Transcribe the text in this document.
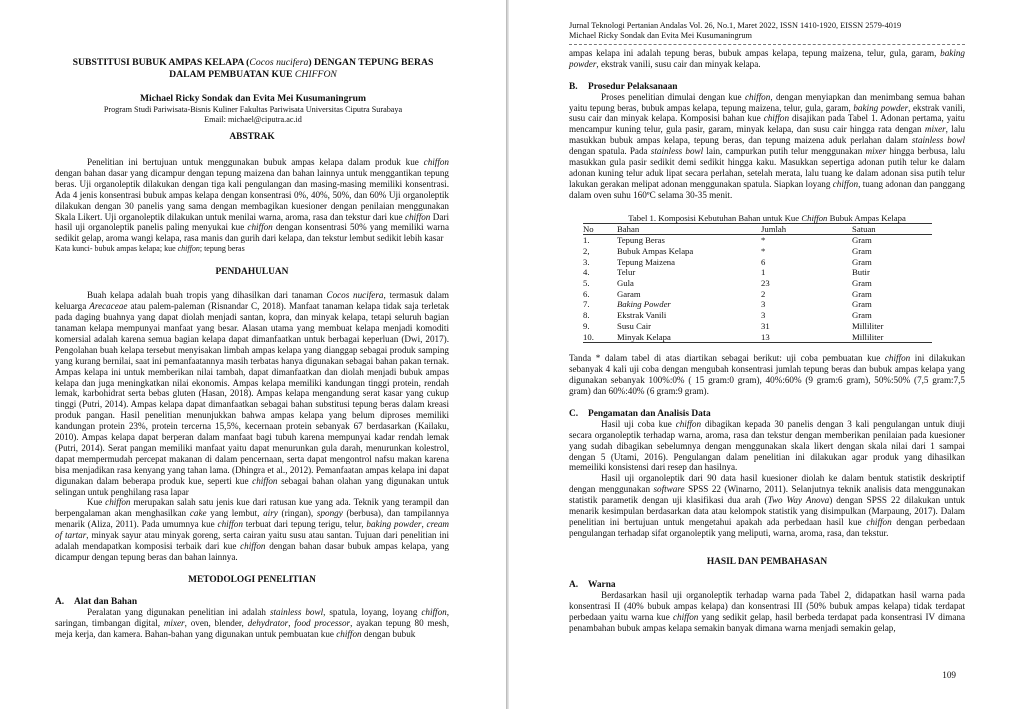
SUBSTITUSI BUBUK AMPAS KELAPA (Cocos nucifera) DENGAN TEPUNG BERAS
DALAM PEMBUATAN KUE CHIFFON
Michael Ricky Sondak dan Evita Mei Kusumaningrum
Program Studi Pariwisata-Bisnis Kuliner Fakultas Pariwisata Universitas Ciputra Surabaya
Email: michael@ciputra.ac.id
ABSTRAK

Penelitian ini bertujuan untuk menggunakan bubuk ampas kelapa dalam produk kue chiffon dengan bahan dasar yang dicampur dengan tepung maizena dan bahan lainnya untuk menggantikan tepung beras. Uji organoleptik dilakukan dengan tiga kali pengulangan dan masing-masing memiliki konsentrasi. Ada 4 jenis konsentrasi bubuk ampas kelapa dengan konsentrasi 0%, 40%, 50%, dan 60% Uji organoleptik dilakukan dengan 30 panelis yang sama dengan membagikan kuesioner dengan penilaian menggunakan Skala Likert. Uji organoleptik dilakukan untuk menilai warna, aroma, rasa dan tekstur dari kue chiffon Dari hasil uji organoleptik panelis paling menyukai kue chiffon dengan konsentrasi 50% yang memiliki warna sedikit gelap, aroma wangi kelapa, rasa manis dan gurih dari kelapa, dan tekstur lembut sedikit lebih kasar

Kata kunci- bubuk ampas kelapa; kue chiffon; tepung beras
PENDAHULUAN

Buah kelapa adalah buah tropis yang dihasilkan dari tanaman Cocos nucifera, termasuk dalam keluarga Arecaceae atau palem-paleman (Risnandar C, 2018). Manfaat tanaman kelapa tidak saja terletak pada daging buahnya yang dapat diolah menjadi santan, kopra, dan minyak kelapa, tetapi seluruh bagian tanaman kelapa mempunyai manfaat yang besar. Alasan utama yang membuat kelapa menjadi komoditi komersial adalah karena semua bagian kelapa dapat dimanfaatkan untuk berbagai keperluan (Dwi, 2017). Pengolahan buah kelapa tersebut menyisakan limbah ampas kelapa yang dianggap sebagai produk samping yang kurang bernilai, saat ini pemanfaatannya masih terbatas hanya digunakan sebagai bahan pakan ternak. Ampas kelapa ini untuk memberikan nilai tambah, dapat dimanfaatkan dan diolah menjadi bubuk ampas kelapa dan juga meningkatkan nilai ekonomis. Ampas kelapa memiliki kandungan tinggi protein, rendah lemak, karbohidrat serta bebas gluten (Hasan, 2018). Ampas kelapa mengandung serat kasar yang cukup tinggi (Putri, 2014). Ampas kelapa dapat dimanfaatkan sebagai bahan substitusi tepung beras dalam kreasi produk pangan. Hasil penelitian menunjukkan bahwa ampas kelapa yang belum diproses memiliki kandungan protein 23%, protein tercerna 15,5%, kecernaan protein sebanyak 67 berdasarkan (Kailaku, 2010). Ampas kelapa dapat berperan dalam manfaat bagi tubuh karena mempunyai kadar rendah lemak (Putri, 2014). Serat pangan memiliki manfaat yaitu dapat menurunkan gula darah, menurunkan kolestrol, dapat mempermudah percepat makanan di dalam pencernaan, serta dapat mengontrol nafsu makan karena bisa menjadikan rasa kenyang yang tahan lama. (Dhingra et al., 2012). Pemanfaatan ampas kelapa ini dapat digunakan dalam beberapa produk kue, seperti kue chiffon sebagai bahan olahan yang digunakan untuk selingan untuk penghilang rasa lapar

Kue chiffon merupakan salah satu jenis kue dari ratusan kue yang ada. Teknik yang terampil dan berpengalaman akan menghasilkan cake yang lembut, airy (ringan), spongy (berbusa), dan tampilannya menarik (Aliza, 2011). Pada umumnya kue chiffon terbuat dari tepung terigu, telur, baking powder, cream of tartar, minyak sayur atau minyak goreng, serta cairan yaitu susu atau santan. Tujuan dari penelitian ini adalah mendapatkan komposisi terbaik dari kue chiffon dengan bahan dasar bubuk ampas kelapa, yang dicampur dengan tepung beras dan bahan lainnya.

METODOLOGI PENELITIAN
A. Alat dan Bahan

Peralatan yang digunakan penelitian ini adalah stainless bowl, spatula, loyang, loyang chiffon, saringan, timbangan digital, mixer, oven, blender, dehydrator, food processor, ayakan tepung 80 mesh, meja kerja, dan kamera. Bahan-bahan yang digunakan untuk pembuatan kue chiffon dengan bubuk

Jurnal Teknologi Pertanian Andalas Vol. 26, No.1, Maret 2022, ISSN 1410-1920, EISSN 2579-4019
Michael Ricky Sondak dan Evita Mei Kusumaningrum

ampas kelapa ini adalah tepung beras, bubuk ampas kelapa, tepung maizena, telur, gula, garam, baking powder, ekstrak vanili, susu cair dan minyak kelapa.

B. Prosedur Pelaksanaan

Proses penelitian dimulai dengan kue chiffon, dengan menyiapkan dan menimbang semua bahan yaitu tepung beras, bubuk ampas kelapa, tepung maizena, telur, gula, garam, baking powder, ekstrak vanili, susu cair dan minyak kelapa. Komposisi bahan kue chiffon disajikan pada Tabel 1. Adonan pertama, yaitu mencampur kuning telur, gula pasir, garam, minyak kelapa, dan susu cair hingga rata dengan mixer, lalu masukkan bubuk ampas kelapa, tepung beras, dan tepung maizena aduk perlahan dalam stainless bowl dengan spatula. Pada stainless bowl lain, campurkan putih telur menggunakan mixer hingga berbusa, lalu masukkan gula pasir sedikit demi sedikit hingga kaku. Masukkan sepertiga adonan putih telur ke dalam adonan kuning telur aduk lipat secara perlahan, setelah merata, lalu tuang ke dalam adonan sisa putih telur lakukan gerakan melipat adonan menggunakan spatula. Siapkan loyang chiffon, tuang adonan dan panggang dalam oven suhu 160ºC selama 30-35 menit.

Tabel 1. Komposisi Kebutuhan Bahan untuk Kue Chiffon Bubuk Ampas Kelapa
No	Bahan	Jumlah	Satuan
1.	Tepung Beras	*	Gram
2,	Bubuk Ampas Kelapa	*	Gram
3.	Tepung Maizena	6	Gram
4.	Telur	1	Butir
5.	Gula	23	Gram
6.	Garam	2	Gram
7.	Baking Powder	3	Gram
8.	Ekstrak Vanili	3	Gram
9.	Susu Cair	31	Milliliter
10.	Minyak Kelapa	13	Milliliter

Tanda * dalam tabel di atas diartikan sebagai berikut: uji coba pembuatan kue chiffon ini dilakukan sebanyak 4 kali uji coba dengan mengubah konsentrasi jumlah tepung beras dan bubuk ampas kelapa yang digunakan sebanyak 100%:0% ( 15 gram:0 gram), 40%:60% (9 gram:6 gram), 50%:50% (7,5 gram:7,5 gram) dan 60%:40% (6 gram:9 gram).

C. Pengamatan dan Analisis Data

Hasil uji coba kue chiffon dibagikan kepada 30 panelis dengan 3 kali pengulangan untuk diuji secara organoleptik terhadap warna, aroma, rasa dan tekstur dengan memberikan penilaian pada kuesioner yang sudah dibagikan sebelumnya dengan menggunakan skala likert dengan skala nilai dari 1 sampai dengan 5 (Utami, 2016). Pengulangan dalam penelitian ini dilakukan agar produk yang dihasilkan memeiliki konsistensi dari resep dan hasilnya.

Hasil uji organoleptik dari 90 data hasil kuesioner diolah ke dalam bentuk statistik deskriptif dengan menggunakan software SPSS 22 (Winarno, 2011). Selanjutnya teknik analisis data menggunakan statistik parametik dengan uji klasifikasi dua arah (Two Way Anova) dengan SPSS 22 dilakukan untuk menarik kesimpulan berdasarkan data atau kelompok statistik yang disimpulkan (Marpaung, 2017). Dalam penelitian ini bertujuan untuk mengetahui apakah ada perbedaan hasil kue chiffon dengan perbedaan pengulangan terhadap sifat organoleptik yang meliputi, warna, aroma, rasa, dan tekstur.

HASIL DAN PEMBAHASAN
A. Warna

Berdasarkan hasil uji organoleptik terhadap warna pada Tabel 2, didapatkan hasil warna pada konsentrasi II (40% bubuk ampas kelapa) dan konsentrasi III (50% bubuk ampas kelapa) tidak terdapat perbedaan yaitu warna kue chiffon yang sedikit gelap, hasil berbeda terdapat pada konsentrasi IV dimana penambahan bubuk ampas kelapa semakin banyak dimana warna menjadi semakin gelap,

109
